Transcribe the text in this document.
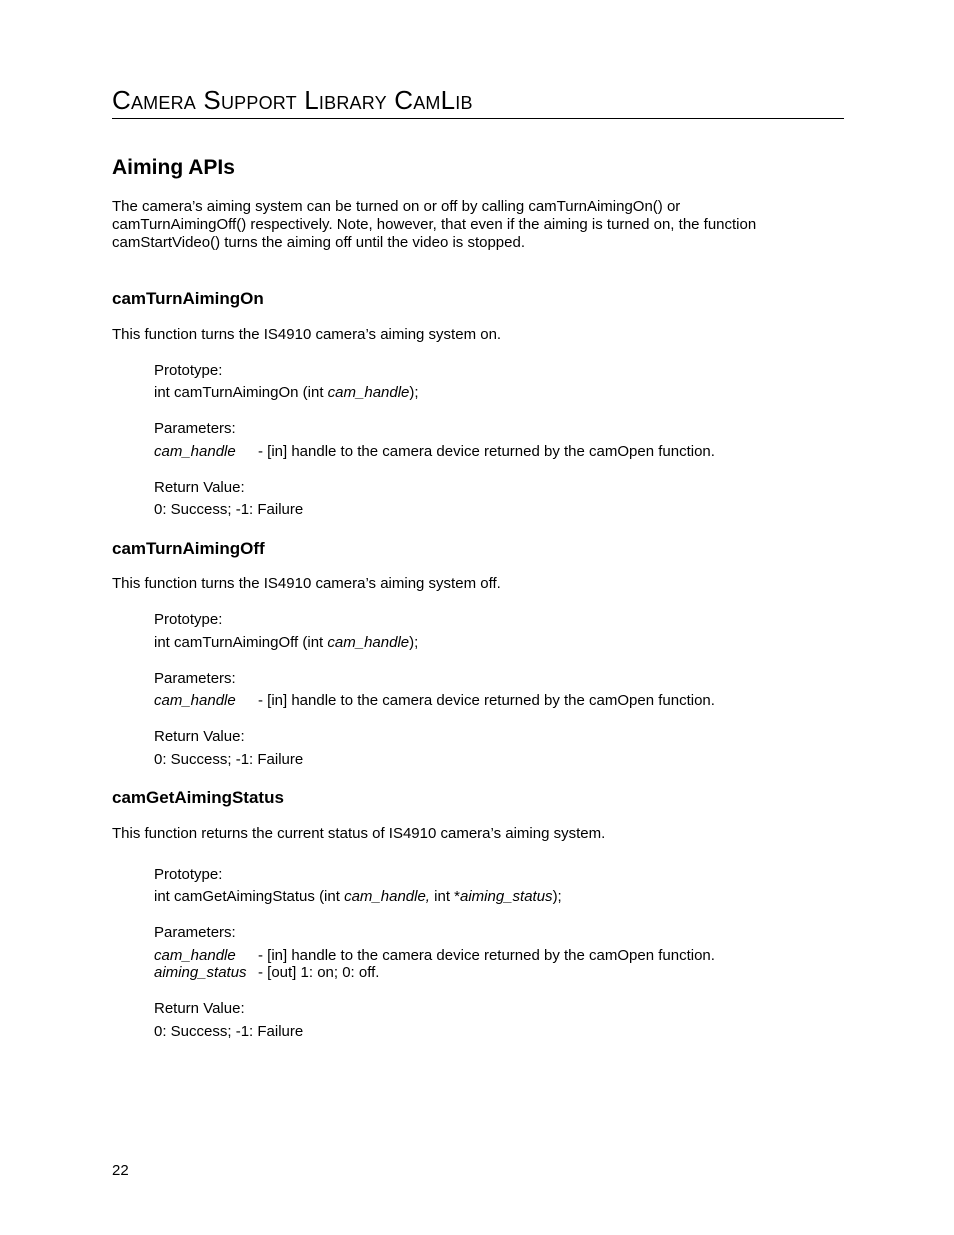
Camera Support Library CamLib
Aiming APIs
The camera’s aiming system can be turned on or off by calling camTurnAimingOn() or
camTurnAimingOff() respectively. Note, however, that even if the aiming is turned on, the function
camStartVideo() turns the aiming off until the video is stopped.
camTurnAimingOn
This function turns the IS4910 camera’s aiming system on.
Prototype:
int camTurnAimingOn (int cam_handle);
Parameters:
cam_handle - [in] handle to the camera device returned by the camOpen function.
Return Value:
0: Success; -1: Failure
camTurnAimingOff
This function turns the IS4910 camera’s aiming system off.
Prototype:
int camTurnAimingOff (int cam_handle);
Parameters:
cam_handle - [in] handle to the camera device returned by the camOpen function.
Return Value:
0: Success; -1: Failure
camGetAimingStatus
This function returns the current status of IS4910 camera’s aiming system.
Prototype:
int camGetAimingStatus (int cam_handle, int *aiming_status);
Parameters:
cam_handle - [in] handle to the camera device returned by the camOpen function.
aiming_status - [out] 1: on; 0: off.
Return Value:
0: Success; -1: Failure
22
